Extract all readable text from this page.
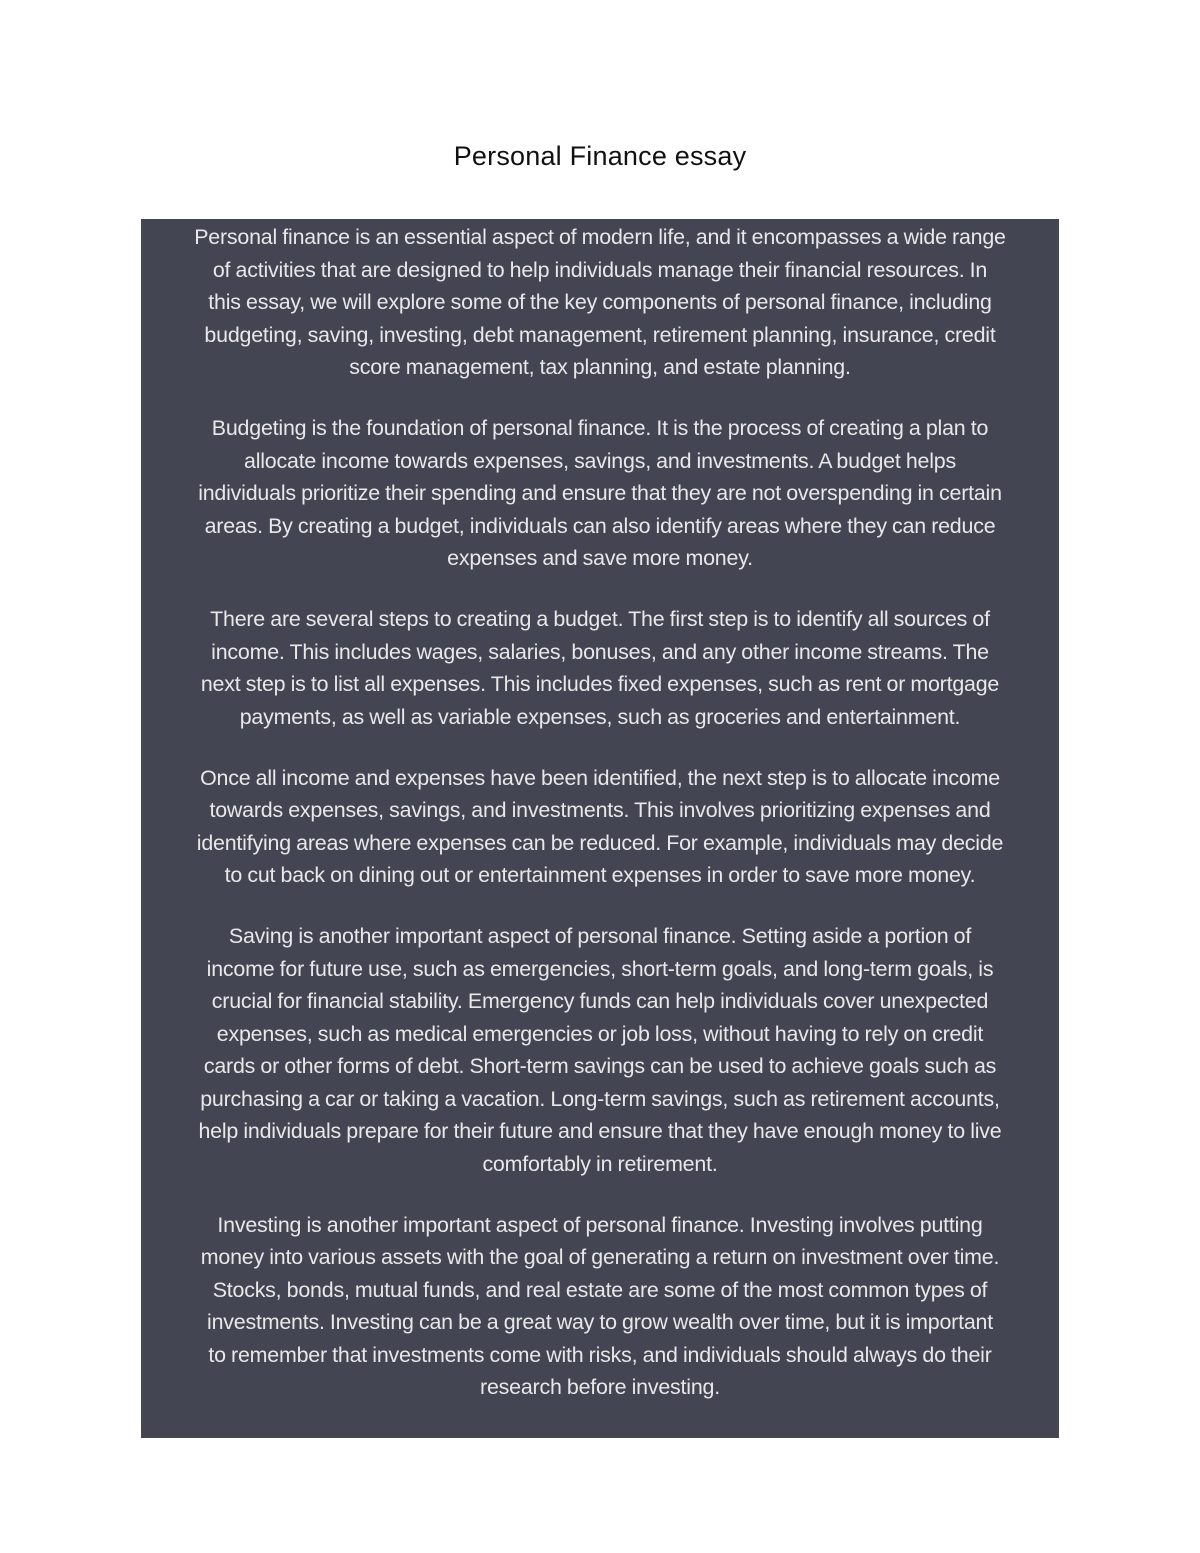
Personal Finance essay

Personal finance is an essential aspect of modern life, and it encompasses a wide range
of activities that are designed to help individuals manage their financial resources. In
this essay, we will explore some of the key components of personal finance, including
budgeting, saving, investing, debt management, retirement planning, insurance, credit
score management, tax planning, and estate planning.

Budgeting is the foundation of personal finance. It is the process of creating a plan to
allocate income towards expenses, savings, and investments. A budget helps
individuals prioritize their spending and ensure that they are not overspending in certain
areas. By creating a budget, individuals can also identify areas where they can reduce
expenses and save more money.

There are several steps to creating a budget. The first step is to identify all sources of
income. This includes wages, salaries, bonuses, and any other income streams. The
next step is to list all expenses. This includes fixed expenses, such as rent or mortgage
payments, as well as variable expenses, such as groceries and entertainment.

Once all income and expenses have been identified, the next step is to allocate income
towards expenses, savings, and investments. This involves prioritizing expenses and
identifying areas where expenses can be reduced. For example, individuals may decide
to cut back on dining out or entertainment expenses in order to save more money.

Saving is another important aspect of personal finance. Setting aside a portion of
income for future use, such as emergencies, short-term goals, and long-term goals, is
crucial for financial stability. Emergency funds can help individuals cover unexpected
expenses, such as medical emergencies or job loss, without having to rely on credit
cards or other forms of debt. Short-term savings can be used to achieve goals such as
purchasing a car or taking a vacation. Long-term savings, such as retirement accounts,
help individuals prepare for their future and ensure that they have enough money to live
comfortably in retirement.

Investing is another important aspect of personal finance. Investing involves putting
money into various assets with the goal of generating a return on investment over time.
Stocks, bonds, mutual funds, and real estate are some of the most common types of
investments. Investing can be a great way to grow wealth over time, but it is important
to remember that investments come with risks, and individuals should always do their
research before investing.
